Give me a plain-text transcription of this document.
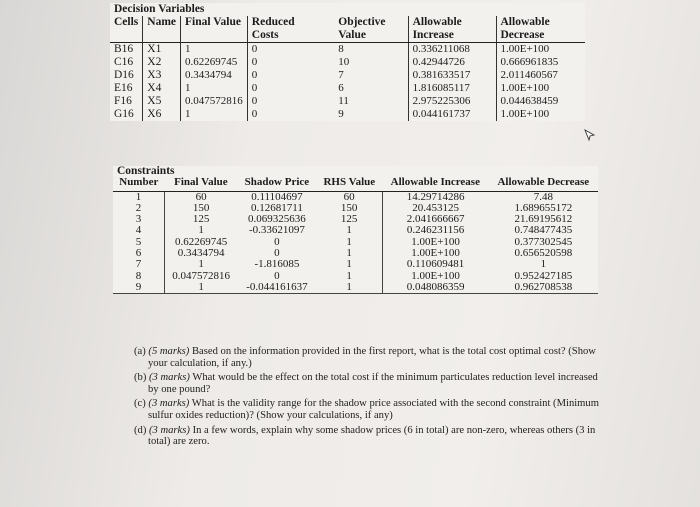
Decision Variables							
Cells	Name	Final Value	Reduced Costs		Objective Value	Allowable Increase	Allowable Decrease
B16	X1	1	0		8	0.336211068	1.00E+100
C16	X2	0.62269745	0		10	0.42944726	0.666961835
D16	X3	0.3434794	0		7	0.381633517	2.011460567
E16	X4	1	0		6	1.816085117	1.00E+100
F16	X5	0.047572816	0		11	2.975225306	0.044638459
G16	X6	1	0		9	0.044161737	1.00E+100
Constraints					
Number	Final Value	Shadow Price	RHS Value	Allowable Increase	Allowable Decrease
1	60	0.11104697	60	14.29714286	7.48
2	150	0.12681711	150	20.453125	1.689655172
3	125	0.069325636	125	2.041666667	21.69195612
4	1	-0.33621097	1	0.246231156	0.748477435
5	0.62269745	0	1	1.00E+100	0.377302545
6	0.3434794	0	1	1.00E+100	0.656520598
7	1	-1.816085	1	0.110609481	1
8	0.047572816	0	1	1.00E+100	0.952427185
9	1	-0.044161637	1	0.048086359	0.962708538
(a) (5 marks) Based on the information provided in the first report, what is the total cost optimal cost? (Show your calculation, if any.)
(b) (3 marks) What would be the effect on the total cost if the minimum particulates reduction level increased by one pound?
(c) (3 marks) What is the validity range for the shadow price associated with the second constraint (Minimum sulfur oxides reduction)? (Show your calculations, if any)
(d) (3 marks) In a few words, explain why some shadow prices (6 in total) are non-zero, whereas others (3 in total) are zero.
